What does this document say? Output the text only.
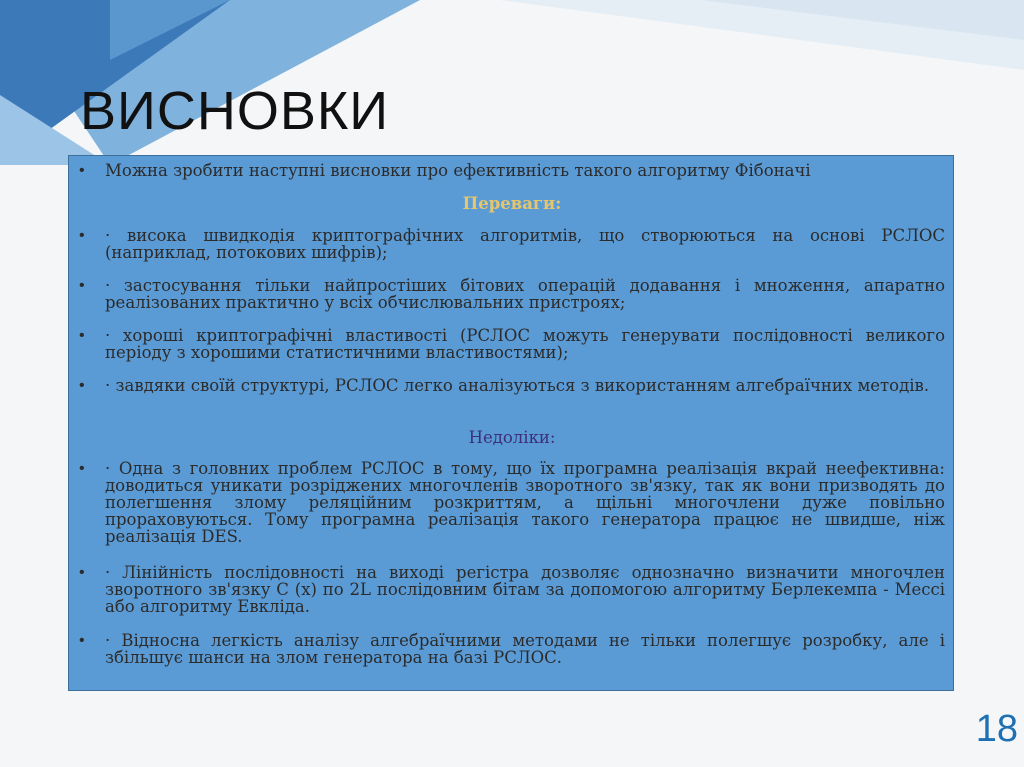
ВИСНОВКИ
• Можна зробити наступні висновки про ефективність такого алгоритму Фібоначі
Переваги:
• · висока швидкодія криптографічних алгоритмів, що створюються на основі РСЛОС (наприклад, потокових шифрів);
• · застосування тільки найпростіших бітових операцій додавання і множення, апаратно реалізованих практично у всіх обчислювальних пристроях;
• · хороші криптографічні властивості (РСЛОС можуть генерувати послідовності великого періоду з хорошими статистичними властивостями);
• · завдяки своїй структурі, РСЛОС легко аналізуються з використанням алгебраїчних методів.
Недоліки:
• · Одна з головних проблем РСЛОС в тому, що їх програмна реалізація вкрай неефективна: доводиться уникати розріджених многочленів зворотного зв'язку, так як вони призводять до полегшення злому реляційним розкриттям, а щільні многочлени дуже повільно прораховуються. Тому програмна реалізація такого генератора працює не швидше, ніж реалізація DES.
• · Лінійність послідовності на виході регістра дозволяє однозначно визначити многочлен зворотного зв'язку С (x) по 2L послідовним бітам за допомогою алгоритму Берлекемпа - Мессі або алгоритму Евкліда.
• · Відносна легкість аналізу алгебраїчними методами не тільки полегшує розробку, але і збільшує шанси на злом генератора на базі РСЛОС.
18
